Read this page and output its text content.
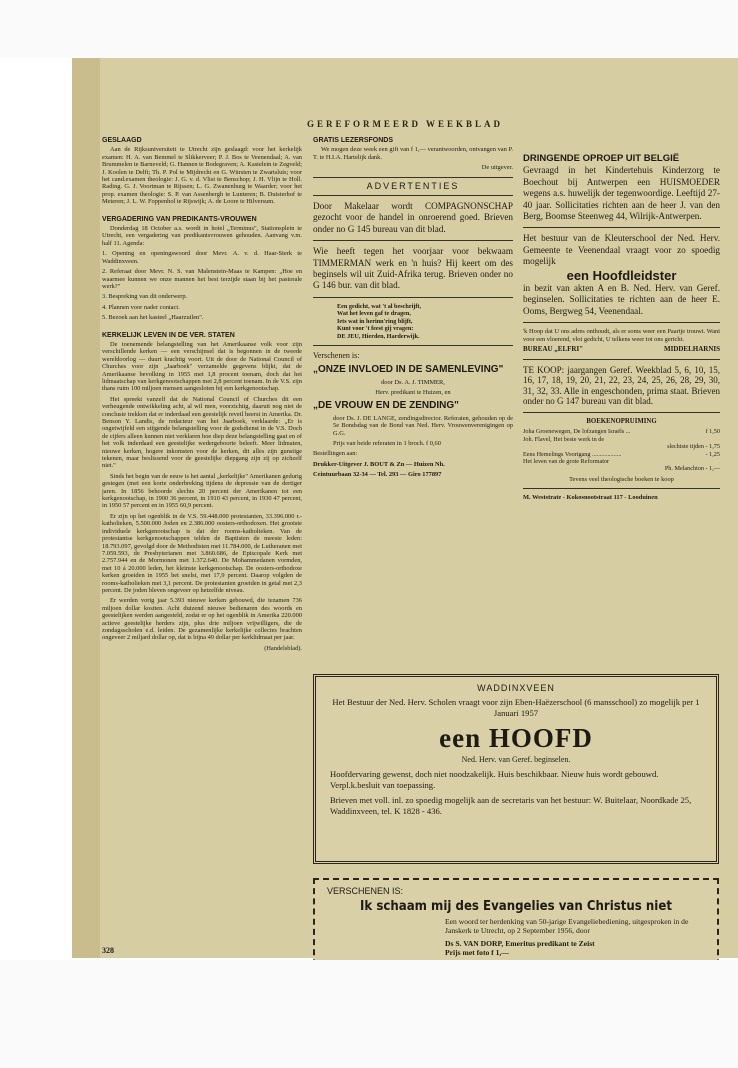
GEREFORMEERD WEEKBLAD
GESLAAGD

Aan de Rijksuniversiteit te Utrecht zijn geslaagd: voor het kerkelijk examen: H. A. van Bemmel te Slikkerveer; P. J. Bos te Veenendaal; A. van Brummelen te Barneveld; G. Hannen te Bodegraven; A. Kastelein te Zegveld; J. Koolen te Delft; Th. P. Pol te Mijdrecht en G. Würsten te Zwartsluis; voor het cand.examen theologie: J. G. v. d. Vlist te Benschop; J. H. Vlijn te Holl. Rading. G. J. Voortman te Rijssen; L. G. Zwanenburg te Waarder; voor het prop. examen theologie: S. P. van Assenbergh te Lunteren; B. Duisterhof te Meteren; J. L. W. Foppenhol te Rijswijk; A. de Loore te Hilversum.

VERGADERING VAN PREDIKANTS-VROUWEN

Donderdag 18 October a.s. wordt in hotel „Terminus", Stationsplein te Utrecht, een vergadering van predikantsvrouwen gehouden. Aanvang v.m. half 11. Agenda:

1. Opening en openingswoord door Mevr. A. v. d. Haar-Sterk te Waddinxveen.

2. Referaat door Mevr. N. S. van Malenstein-Maas te Kampen: „Hoe en waarmee kunnen we onze mannen het best terzijde staan bij het pastorale werk?"

3. Bespreking van dit onderwerp.

4. Plannen voor nader contact.

5. Bezoek aan het kasteel „Haarzuilen".

KERKELIJK LEVEN IN DE VER. STATEN

De toenemende belangstelling van het Amerikaanse volk voor zijn verschillende kerken — een verschijnsel dat is begonnen in de tweede wereldoorlog — duurt krachtig voort. Uit de door de National Council of Churches voor zijn „Jaarboek" verzamelde gegevens blijkt, dat de Amerikaanse bevolking in 1955 met 1,8 procent toenam, doch dat het lidmaatschap van kerkgenootschappen met 2,8 percent toenam. In de V.S. zijn thans ruim 100 miljoen mensen aangesloten bij een kerkgenootschap.

Het spreekt vanzelf dat de National Council of Churches dit een verheugende ontwikkeling acht, al wil men, voorzichtig, daaruit nog niet de conclusie trekken dat er inderdaad een geestelijk reveil heerst in Amerika. Dr. Benson Y. Landis, de redacteur van het Jaarboek, verklaarde: „Er is ongetwijfeld een stijgende belangstelling voor de godsdienst in de V.S. Doch de cijfers alleen kunnen niet verklaren hoe diep deze belangstelling gaat en of het volk inderdaad een geestelijke wedergeboorte beleeft. Meer lidmaten, nieuwe kerken, hogere inkomsten voor de kerken, dit alles zijn gunstige tekenen, maar beslissend voor de geestelijke diepgang zijn zij op zichzelf niet."

Sinds het begin van de eeuw is het aantal „kerkelijke" Amerikanen gedurig gestegen (met een korte onderbreking tijdens de depressie van de dertiger jaren. In 1856 behoorde slechts 20 percent der Amerikanen tot een kerkgenootschap, in 1900 36 percent, in 1910 43 percent, in 1930 47 percent, in 1950 57 percent en in 1955 60,9 percent.

Er zijn op het ogenblik in de V.S. 59.448.000 protestanten, 33.396.000 r.-katholieken, 5.500.000 Joden en 2.386.000 oosters-orthodoxen. Het grootste individuele kerkgenootschap is dat der rooms-katholieken. Van de protestantse kerkgenootschappen telden de Baptisten de meeste leden: 18.793.097, gevolgd door de Methodisten met 11.784.000, de Lutheranen met 7.059.593, de Presbyterianen met 3.860.686, de Episcopale Kerk met 2.757.944 en de Mormonen met 1.372.640. De Mohammedanen vormden, met 10 à 20.000 leden, het kleinste kerkgenootschap. De oosters-orthodoxe kerken groeiden in 1955 het snelst, met 17,9 percent. Daarop volgden de rooms-katholieken met 3,1 percent. De protestanten groeiden in getal met 2,3 percent. De joden bleven ongeveer op hetzelfde niveau.

Er werden vorig jaar 5.393 nieuwe kerken gebouwd, die tezamen 736 miljoen dollar kostten. Acht duizend nieuwe bedienaren des woords en geestelijken werden aangesteld, zodat er op het ogenblik in Amerika 220.000 actieve geestelijke herders zijn, plus drie miljoen vrijwilligers, die de zondagsscholen e.d. leiden. De gezamenlijke kerkelijke collectes brachten ongeveer 2 miljard dollar op, dat is bijna 49 dollar per kerklidmaat per jaar.

(Handelsblad).

GRATIS LEZERSFONDS

We mogen deze week een gift van f 1,— verantwoorden, ontvangen van P. T. te H.I.A. Hartelijk dank.

De uitgever.

ADVERTENTIES

Door Makelaar wordt COMPAGNONSCHAP gezocht voor de handel in onroerend goed. Brieven onder no G 145 bureau van dit blad.

Wie heeft tegen het voorjaar voor bekwaam TIMMERMAN werk en 'n huis? Hij keert om des beginsels wil uit Zuid-Afrika terug. Brieven onder no G 146 bur. van dit blad.

Een gedicht, wat 't al beschrijft,
Wat het leven gaf te dragen,
Iets wat in herinn'ring blijft,
Kunt voor 't feest gij vragen:
DE JEU, Hierden, Harderwijk.

Verschenen is:

„ONZE INVLOED IN DE SAMENLEVING"

door Ds. A. J. TIMMER,

Herv. predikant te Huizen, en

„DE VROUW EN DE ZENDING"

door Ds. J. DE LANGE, zendingsdirector. Referaten, gehouden op de 5e Bondsdag van de Bond van Ned. Herv. Vrouwenverenigingen op G.G.

Prijs van beide referaten in 1 broch. f 0,60

Bestellingen aan:

Drukker-Uitgever J. BOUT & Zn — Huizen Nh.

Ceintuurbaan 32-34 — Tel. 293 — Giro 177897

DRINGENDE OPROEP UIT BELGIË

Gevraagd in het Kindertehuis Kinderzorg te Boechout bij Antwerpen een HUISMOEDER wegens a.s. huwelijk der tegenwoordige. Leeftijd 27-40 jaar. Sollicitaties richten aan de heer J. van den Berg, Boomse Steenweg 44, Wilrijk-Antwerpen.

Het bestuur van de Kleuterschool der Ned. Herv. Gemeente te Veenendaal vraagt voor zo spoedig mogelijk

een Hoofdleidster

in bezit van akten A en B. Ned. Herv. van Geref. beginselen. Sollicitaties te richten aan de heer E. Ooms, Bergweg 54, Veenendaal.

'k Hoop dat U ons adres onthoudt, als er soms weer een Paartje trouwt. Want voor een vloerend, vlot gedicht, U telkens weer tot ons gericht.

BUREAU „ELFRI"	MIDDELHARNIS

TE KOOP: jaargangen Geref. Weekblad 5, 6, 10, 15, 16, 17, 18, 19, 20, 21, 22, 23, 24, 25, 26, 28, 29, 30, 31, 32, 33. Alle in engeschonden, prima staat. Brieven onder no G 147 bureau van dit blad.

BOEKENOPRUIMING
Joha Groenewegen, De lofzangen Israëls ...	f 1,50
Joh. Flavel, Het beste werk in de
slechtste tijden - 1,75
Eens Hemelings Voortgang ...................	- 1,25
Het leven van de grote Reformator
Ph. Melanchton - 1,—

Tevens veel theologische boeken te koop

M. Weststrate - Kokosnootstraat 117 - Looduinen

WADDINXVEEN
Het Bestuur der Ned. Herv. Scholen vraagt voor zijn Eben-Haëzerschool (6 mansschool) zo mogelijk per 1 Januari 1957
een HOOFD
Ned. Herv. van Geref. beginselen.
Hoofdervaring gewenst, doch niet noodzakelijk. Huis beschikbaar. Nieuw huis wordt gebouwd. Verpl.k.besluit van toepassing.
Brieven met voll. inl. zo spoedig mogelijk aan de secretaris van het bestuur: W. Buitelaar, Noordkade 25, Waddinxveen, tel. K 1828 - 436.
VERSCHENEN IS:
Ik schaam mij des Evangelies van Christus niet
Een woord ter herdenking van 50-jarige Evangeliebediening, uitgesproken in de Janskerk te Utrecht, op 2 September 1956, door
Ds S. VAN DORP, Emeritus predikant te Zeist
Prijs met foto f 1,—
328
